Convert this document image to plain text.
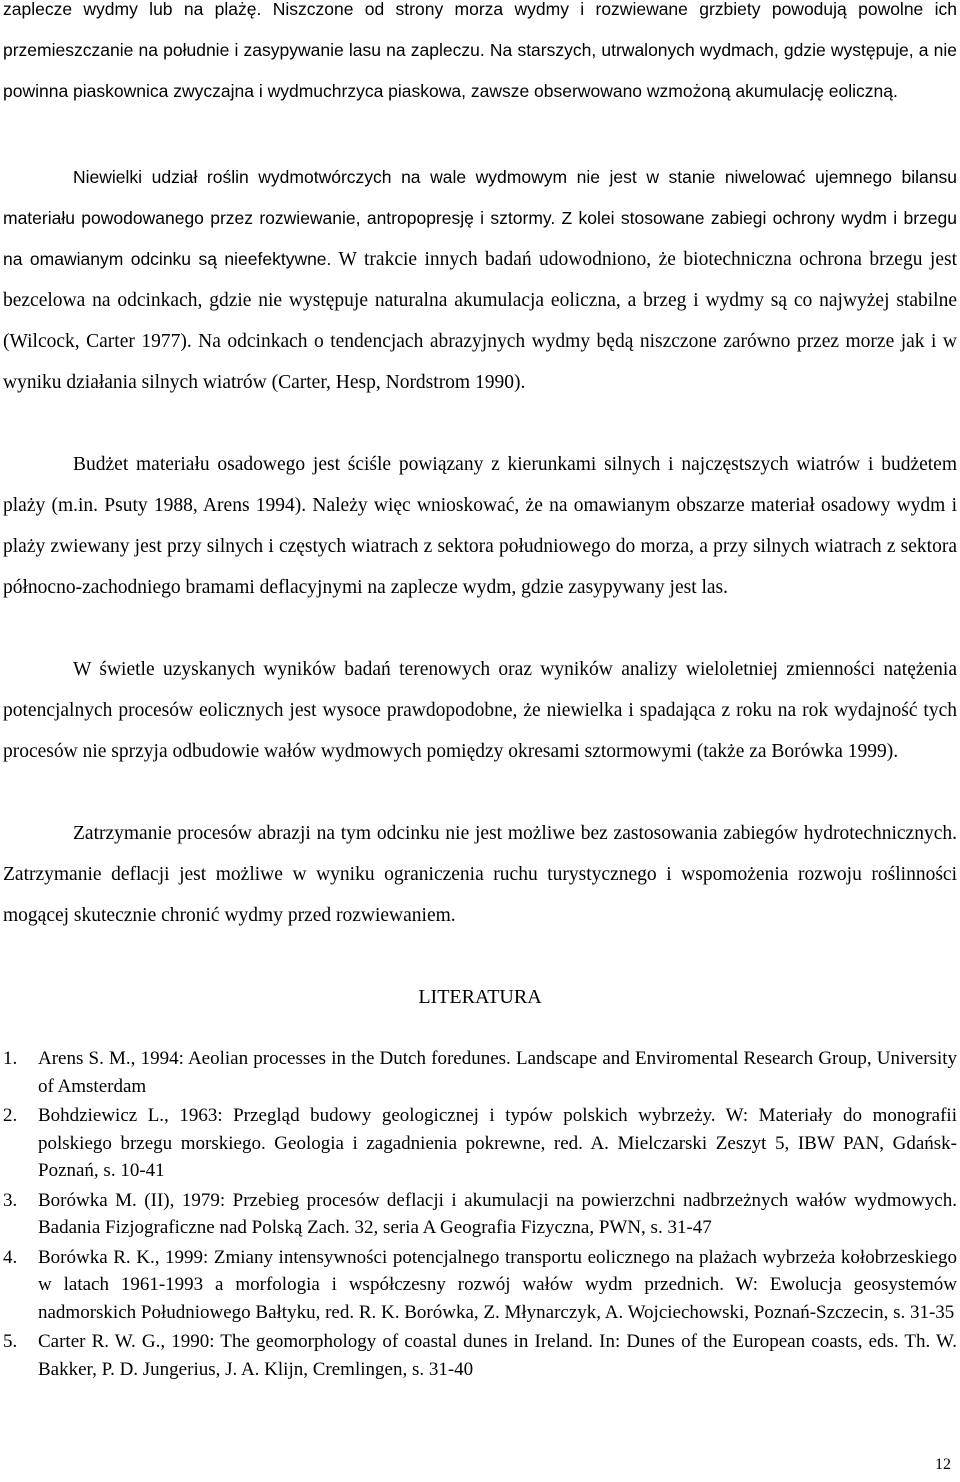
zaplecze wydmy lub na plażę. Niszczone od strony morza wydmy i rozwiewane grzbiety powodują powolne ich przemieszczanie na południe i zasypywanie lasu na zapleczu. Na starszych, utrwalonych wydmach, gdzie występuje, a nie powinna piaskownica zwyczajna i wydmuchrzyca piaskowa, zawsze obserwowano wzmożoną akumulację eoliczną.

Niewielki udział roślin wydmotwórczych na wale wydmowym nie jest w stanie niwelować ujemnego bilansu materiału powodowanego przez rozwiewanie, antropopresję i sztormy. Z kolei stosowane zabiegi ochrony wydm i brzegu na omawianym odcinku są nieefektywne. W trakcie innych badań udowodniono, że biotechniczna ochrona brzegu jest bezcelowa na odcinkach, gdzie nie występuje naturalna akumulacja eoliczna, a brzeg i wydmy są co najwyżej stabilne (Wilcock, Carter 1977). Na odcinkach o tendencjach abrazyjnych wydmy będą niszczone zarówno przez morze jak i w wyniku działania silnych wiatrów (Carter, Hesp, Nordstrom 1990).

Budżet materiału osadowego jest ściśle powiązany z kierunkami silnych i najczęstszych wiatrów i budżetem plaży (m.in. Psuty 1988, Arens 1994). Należy więc wnioskować, że na omawianym obszarze materiał osadowy wydm i plaży zwiewany jest przy silnych i częstych wiatrach z sektora południowego do morza, a przy silnych wiatrach z sektora północno-zachodniego bramami deflacyjnymi na zaplecze wydm, gdzie zasypywany jest las.

W świetle uzyskanych wyników badań terenowych oraz wyników analizy wieloletniej zmienności natężenia potencjalnych procesów eolicznych jest wysoce prawdopodobne, że niewielka i spadająca z roku na rok wydajność tych procesów nie sprzyja odbudowie wałów wydmowych pomiędzy okresami sztormowymi (także za Borówka 1999).

Zatrzymanie procesów abrazji na tym odcinku nie jest możliwe bez zastosowania zabiegów hydrotechnicznych. Zatrzymanie deflacji jest możliwe w wyniku ograniczenia ruchu turystycznego i wspomożenia rozwoju roślinności mogącej skutecznie chronić wydmy przed rozwiewaniem.

LITERATURA
1. Arens S. M., 1994: Aeolian processes in the Dutch foredunes. Landscape and Enviromental Research Group, University of Amsterdam
2. Bohdziewicz L., 1963: Przegląd budowy geologicznej i typów polskich wybrzeży. W: Materiały do monografii polskiego brzegu morskiego. Geologia i zagadnienia pokrewne, red. A. Mielczarski Zeszyt 5, IBW PAN, Gdańsk-Poznań, s. 10-41
3. Borówka M. (II), 1979: Przebieg procesów deflacji i akumulacji na powierzchni nadbrzeżnych wałów wydmowych. Badania Fizjograficzne nad Polską Zach. 32, seria A Geografia Fizyczna, PWN, s. 31-47
4. Borówka R. K., 1999: Zmiany intensywności potencjalnego transportu eolicznego na plażach wybrzeża kołobrzeskiego w latach 1961-1993 a morfologia i współczesny rozwój wałów wydm przednich. W: Ewolucja geosystemów nadmorskich Południowego Bałtyku, red. R. K. Borówka, Z. Młynarczyk, A. Wojciechowski, Poznań-Szczecin, s. 31-35
5. Carter R. W. G., 1990: The geomorphology of coastal dunes in Ireland. In: Dunes of the European coasts, eds. Th. W. Bakker, P. D. Jungerius, J. A. Klijn, Cremlingen, s. 31-40
12
